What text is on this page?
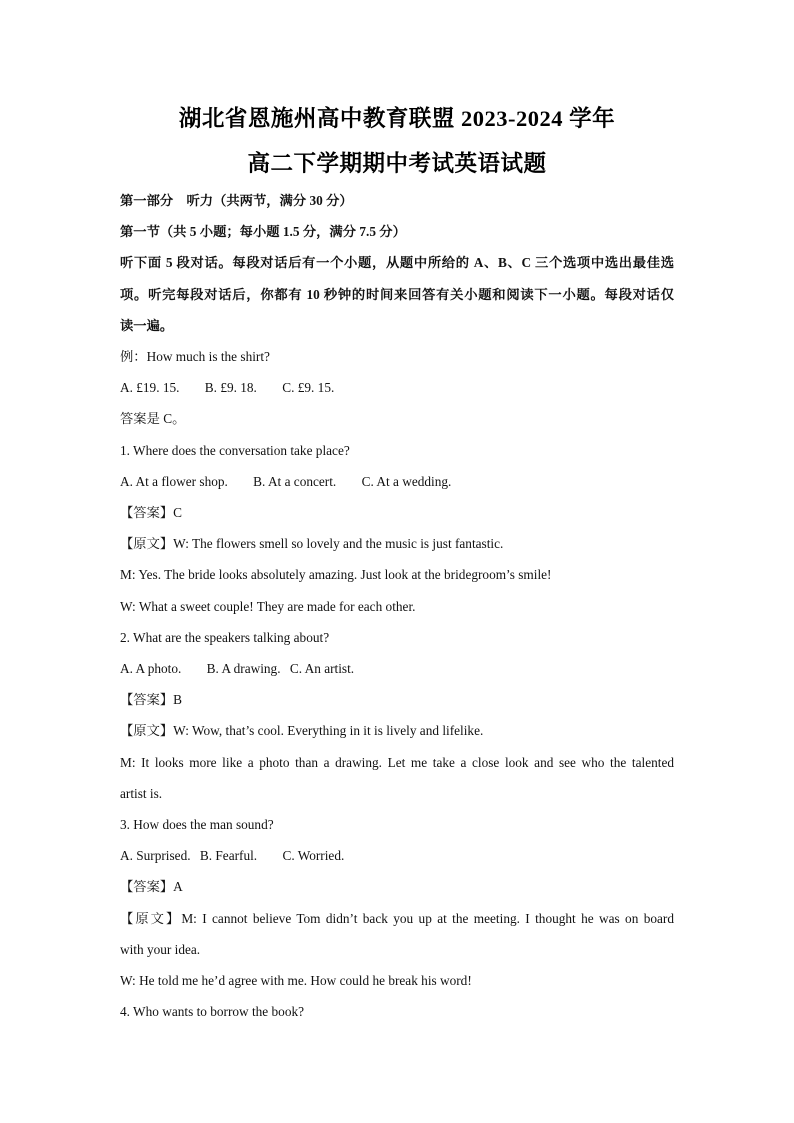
湖北省恩施州高中教育联盟 2023-2024 学年
高二下学期期中考试英语试题

第一部分　听力（共两节，满分 30 分）

第一节（共 5 小题；每小题 1.5 分，满分 7.5 分）

听下面 5 段对话。每段对话后有一个小题，从题中所给的 A、B、C 三个选项中选出最佳选

项。听完每段对话后，你都有 10 秒钟的时间来回答有关小题和阅读下一小题。每段对话仅

读一遍。

例：How much is the shirt?

A. £19. 15. B. £9. 18. C. £9. 15.

答案是 C。

1. Where does the conversation take place?

A. At a flower shop. B. At a concert. C. At a wedding.

【答案】C

【原文】W: The flowers smell so lovely and the music is just fantastic.

M: Yes. The bride looks absolutely amazing. Just look at the bridegroom’s smile!

W: What a sweet couple! They are made for each other.

2. What are the speakers talking about?

A. A photo. B. A drawing. C. An artist.

【答案】B

【原文】W: Wow, that’s cool. Everything in it is lively and lifelike.

M: It looks more like a photo than a drawing. Let me take a close look and see who the talented

artist is.

3. How does the man sound?

A. Surprised. B. Fearful. C. Worried.

【答案】A

【原文】M: I cannot believe Tom didn’t back you up at the meeting. I thought he was on board

with your idea.

W: He told me he’d agree with me. How could he break his word!

4. Who wants to borrow the book?
